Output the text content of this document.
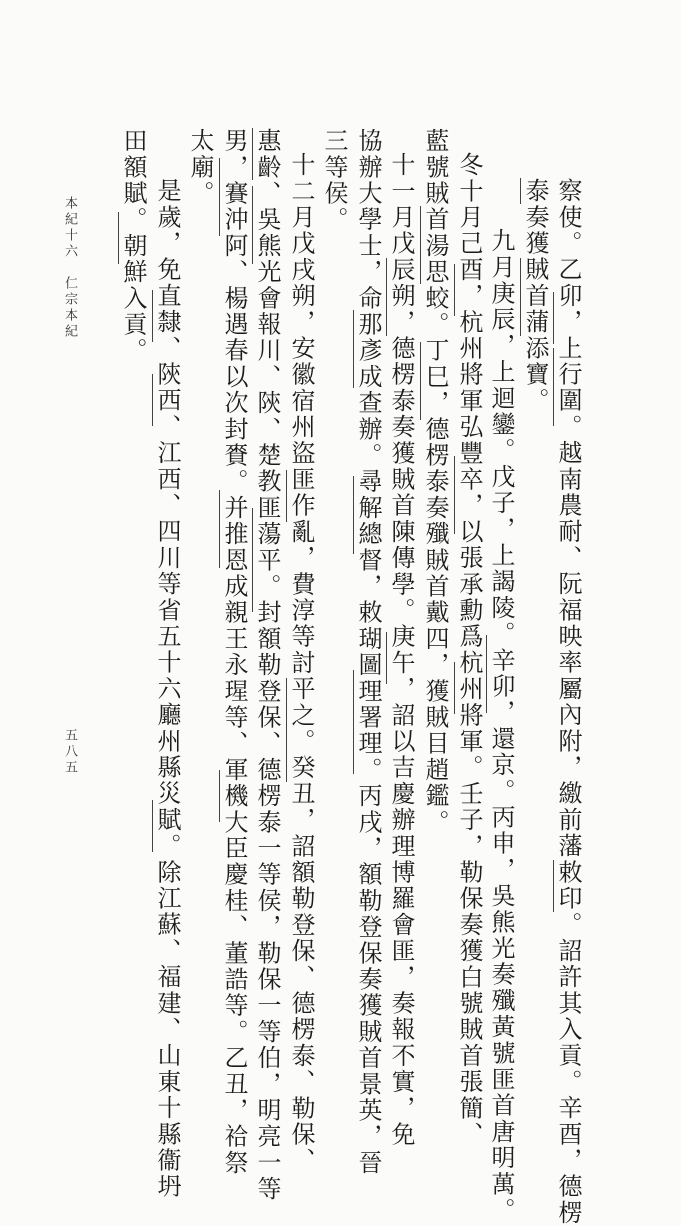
察使。乙卯，上行圍。越南農耐、阮福映率屬內附，繳前藩敕印。詔許其入貢。辛酉，德楞
泰奏獲賊首蒲添寶。
九月庚辰，上迴鑾。戊子，上謁陵。辛卯，還京。丙申，吳熊光奏殲黃號匪首唐明萬。
冬十月己酉，杭州將軍弘豐卒，以張承勳爲杭州將軍。壬子，勒保奏獲白號賊首張簡、
藍號賊首湯思蛟。丁巳，德楞泰奏殲賊首戴四，獲賊目趙鑑。
十一月戊辰朔，德楞泰奏獲賊首陳傳學。庚午，詔以吉慶辦理博羅會匪，奏報不實，免
協辦大學士，命那彥成查辦。尋解總督，敕瑚圖理署理。丙戌，額勒登保奏獲賊首景英，晉
三等侯。
十二月戊戌朔，安徽宿州盜匪作亂，費淳等討平之。癸丑，詔額勒登保、德楞泰、勒保、
惠齡、吳熊光會報川、陝、楚教匪蕩平。封額勒登保、德楞泰一等侯，勒保一等伯，明亮一等
男，賽沖阿、楊遇春以次封賚。并推恩成親王永瑆等、軍機大臣慶桂、董誥等。乙丑，祫祭
太廟。
是歲，免直隸、陝西、江西、四川等省五十六廳州縣災賦。除江蘇、福建、山東十縣衞坍
田額賦。朝鮮入貢。
本紀十六　仁宗本紀
五八五
